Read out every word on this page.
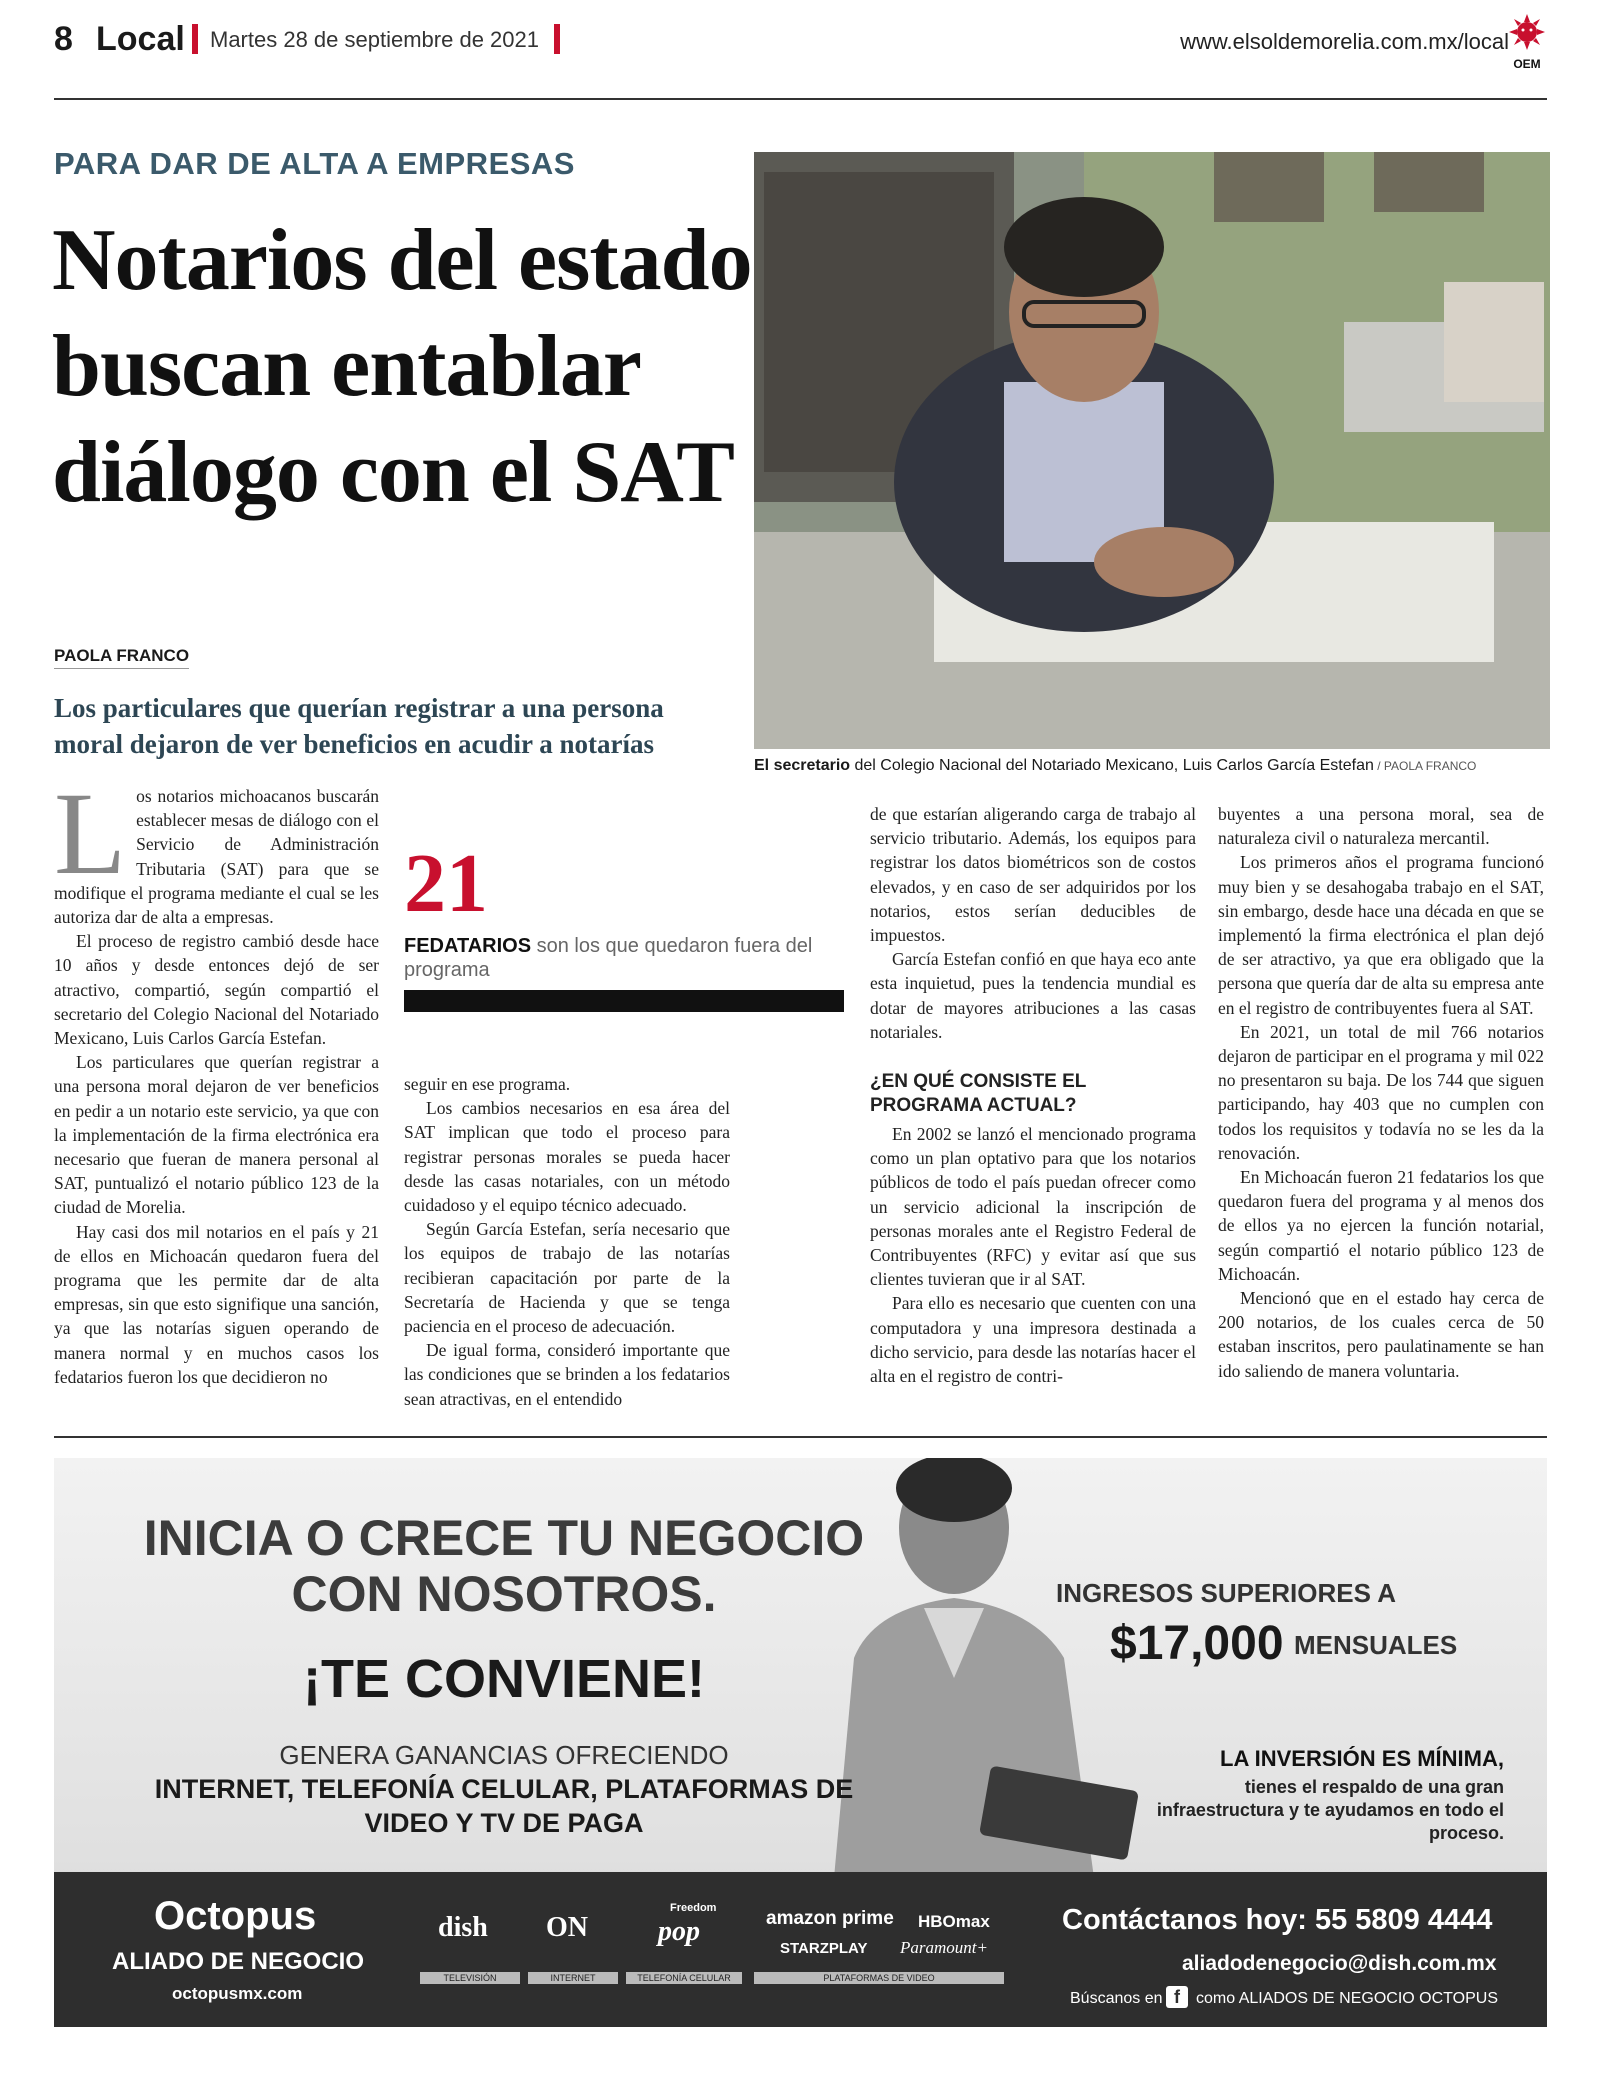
8 Local Martes 28 de septiembre de 2021	www.elsoldemorelia.com.mx/local
OEM
PARA DAR DE ALTA A EMPRESAS
Notarios del estado buscan entablar diálogo con el SAT
PAOLA FRANCO
Los particulares que querían registrar a una persona moral dejaron de ver beneficios en acudir a notarías
El secretario del Colegio Nacional del Notariado Mexicano, Luis Carlos García Estefan / PAOLA FRANCO
L os notarios michoacanos buscarán establecer mesas de diálogo con el Servicio de Administración Tributaria (SAT) para que se modifique el programa mediante el cual se les autoriza dar de alta a empresas.

El proceso de registro cambió desde hace 10 años y desde entonces dejó de ser atractivo, compartió, según compartió el secretario del Colegio Nacional del Notariado Mexicano, Luis Carlos García Estefan.

Los particulares que querían registrar a una persona moral dejaron de ver beneficios en pedir a un notario este servicio, ya que con la implementación de la firma electrónica era necesario que fueran de manera personal al SAT, puntualizó el notario público 123 de la ciudad de Morelia.

Hay casi dos mil notarios en el país y 21 de ellos en Michoacán quedaron fuera del programa que les permite dar de alta empresas, sin que esto signifique una sanción, ya que las notarías siguen operando de manera normal y en muchos casos los fedatarios fueron los que decidieron no

21
FEDATARIOS son los que quedaron fuera del programa

seguir en ese programa.

Los cambios necesarios en esa área del SAT implican que todo el proceso para registrar personas morales se pueda hacer desde las casas notariales, con un método cuidadoso y el equipo técnico adecuado.

Según García Estefan, sería necesario que los equipos de trabajo de las notarías recibieran capacitación por parte de la Secretaría de Hacienda y que se tenga paciencia en el proceso de adecuación.

De igual forma, consideró importante que las condiciones que se brinden a los fedatarios sean atractivas, en el entendido

de que estarían aligerando carga de trabajo al servicio tributario. Además, los equipos para registrar los datos biométricos son de costos elevados, y en caso de ser adquiridos por los notarios, estos serían deducibles de impuestos.

García Estefan confió en que haya eco ante esta inquietud, pues la tendencia mundial es dotar de mayores atribuciones a las casas notariales.

¿EN QUÉ CONSISTE EL PROGRAMA ACTUAL?

En 2002 se lanzó el mencionado programa como un plan optativo para que los notarios públicos de todo el país puedan ofrecer como un servicio adicional la inscripción de personas morales ante el Registro Federal de Contribuyentes (RFC) y evitar así que sus clientes tuvieran que ir al SAT.

Para ello es necesario que cuenten con una computadora y una impresora destinada a dicho servicio, para desde las notarías hacer el alta en el registro de contri-

buyentes a una persona moral, sea de naturaleza civil o naturaleza mercantil.

Los primeros años el programa funcionó muy bien y se desahogaba trabajo en el SAT, sin embargo, desde hace una década en que se implementó la firma electrónica el plan dejó de ser atractivo, ya que era obligado que la persona que quería dar de alta su empresa ante en el registro de contribuyentes fuera al SAT.

En 2021, un total de mil 766 notarios dejaron de participar en el programa y mil 022 no presentaron su baja. De los 744 que siguen participando, hay 403 que no cumplen con todos los requisitos y todavía no se les da la renovación.

En Michoacán fueron 21 fedatarios los que quedaron fuera del programa y al menos dos de ellos ya no ejercen la función notarial, según compartió el notario público 123 de Michoacán.

Mencionó que en el estado hay cerca de 200 notarios, de los cuales cerca de 50 estaban inscritos, pero paulatinamente se han ido saliendo de manera voluntaria.

INICIA O CRECE TU NEGOCIO CON NOSOTROS.
¡TE CONVIENE!
GENERA GANANCIAS OFRECIENDO
INTERNET, TELEFONÍA CELULAR, PLATAFORMAS DE VIDEO Y TV DE PAGA
INGRESOS SUPERIORES A
$17,000 MENSUALES
LA INVERSIÓN ES MÍNIMA,
tienes el respaldo de una gran infraestructura y te ayudamos en todo el proceso.
Octopus
ALIADO DE NEGOCIO
octopusmx.com
dish ON
Freedom
pop	amazon prime HBOmax
STARZPLAY Paramount+
TELEVISIÓN	INTERNET	TELEFONÍA CELULAR	PLATAFORMAS DE VIDEO
Contáctanos hoy: 55 5809 4444
aliadodenegocio@dish.com.mx
Búscanos en f	como ALIADOS DE NEGOCIO OCTOPUS
